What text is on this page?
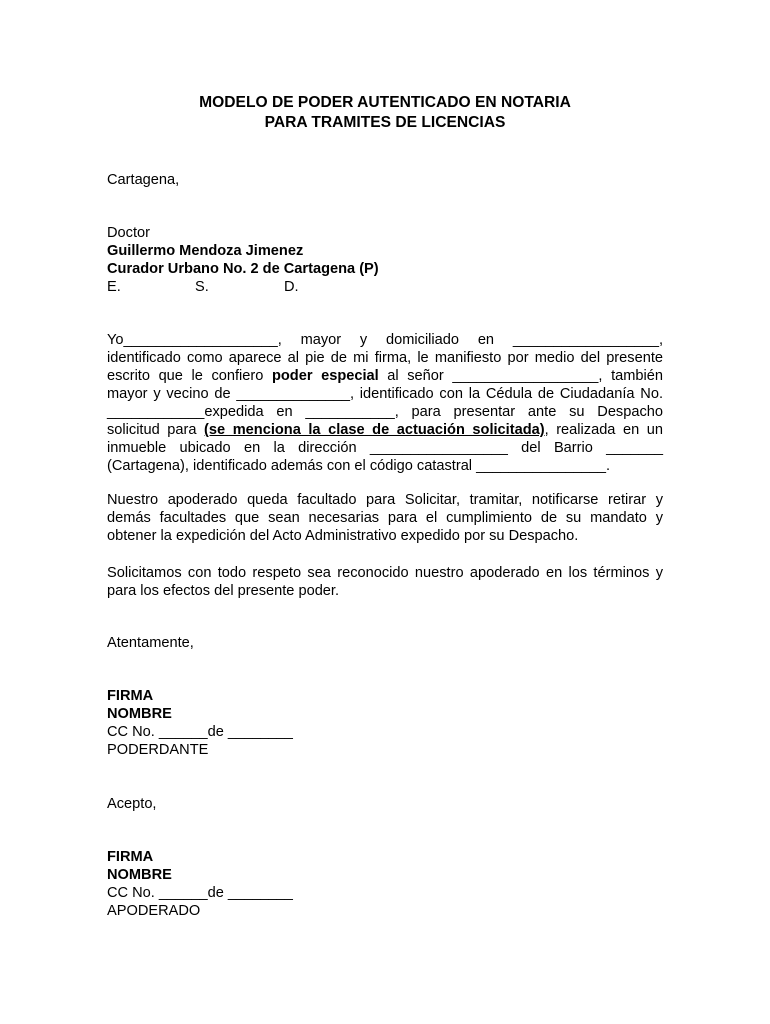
MODELO DE PODER AUTENTICADO EN NOTARIA
PARA TRAMITES DE LICENCIAS
Cartagena,
Doctor
Guillermo Mendoza Jimenez
Curador Urbano No. 2 de Cartagena (P)
E.	S.	D.
Yo___________________, mayor y domiciliado en __________________,
identificado como aparece al pie de mi firma, le manifiesto por medio del presente
escrito que le confiero poder especial al señor __________________, también
mayor y vecino de ______________, identificado con la Cédula de Ciudadanía No.
____________expedida en ___________, para presentar ante su Despacho
solicitud para (se menciona la clase de actuación solicitada), realizada en un
inmueble ubicado en la dirección _________________ del Barrio _______
(Cartagena), identificado además con el código catastral ________________.
Nuestro apoderado queda facultado para Solicitar, tramitar, notificarse retirar y
demás facultades que sean necesarias para el cumplimiento de su mandato y
obtener la expedición del Acto Administrativo expedido por su Despacho.
Solicitamos con todo respeto sea reconocido nuestro apoderado en los términos y
para los efectos del presente poder.
Atentamente,
FIRMA
NOMBRE
CC No. ______de ________
PODERDANTE
Acepto,
FIRMA
NOMBRE
CC No. ______de ________
APODERADO
